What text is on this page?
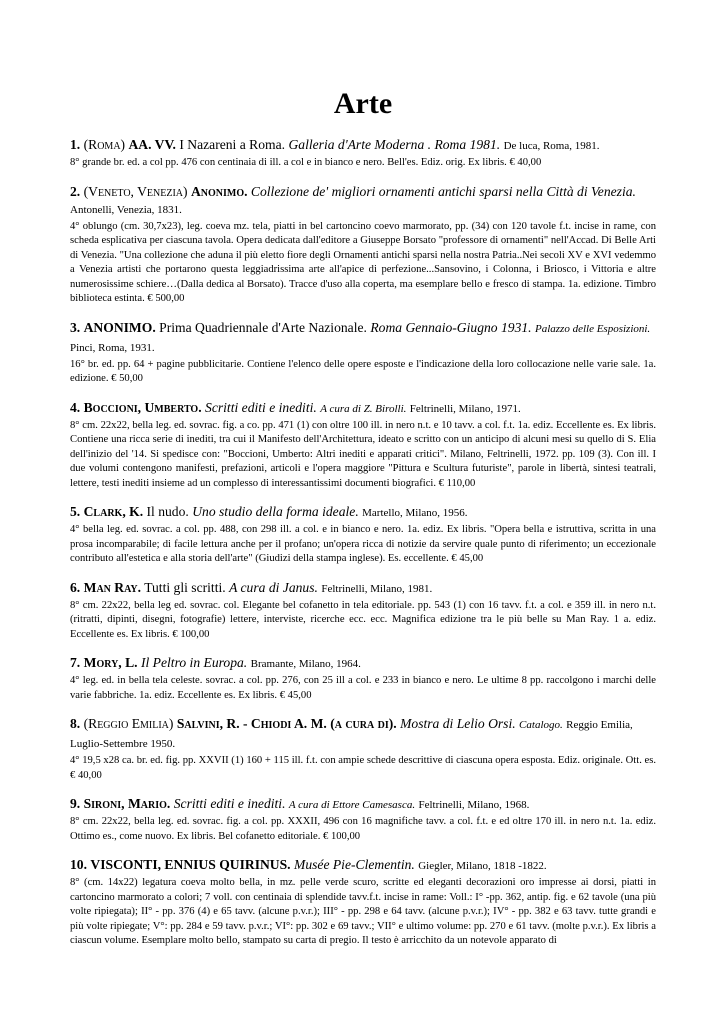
Arte
1. (Roma) AA. VV. I Nazareni a Roma. Galleria d'Arte Moderna . Roma 1981. De luca, Roma, 1981.
8° grande br. ed. a col pp. 476 con centinaia di ill. a col e in bianco e nero. Bell'es. Ediz. orig. Ex libris. € 40,00
2. (Veneto, Venezia) Anonimo. Collezione de' migliori ornamenti antichi sparsi nella Città di Venezia. Antonelli, Venezia, 1831.
4° oblungo (cm. 30,7x23), leg. coeva mz. tela, piatti in bel cartoncino coevo marmorato, pp. (34) con 120 tavole f.t. incise in rame, con scheda esplicativa per ciascuna tavola. Opera dedicata dall'editore a Giuseppe Borsato "professore di ornamenti" nell'Accad. Di Belle Arti di Venezia. "Una collezione che aduna il più eletto fiore degli Ornamenti antichi sparsi nella nostra Patria..Nei secoli XV e XVI vedemmo a Venezia artisti che portarono questa leggiadrissima arte all'apice di perfezione...Sansovino, i Colonna, i Briosco, i Vittoria e altre numerosissime schiere…(Dalla dedica al Borsato). Tracce d'uso alla coperta, ma esemplare bello e fresco di stampa. 1a. edizione. Timbro biblioteca estinta. € 500,00
3. ANONIMO. Prima Quadriennale d'Arte Nazionale. Roma Gennaio-Giugno 1931. Palazzo delle Esposizioni. Pinci, Roma, 1931.
16° br. ed. pp. 64 + pagine pubblicitarie. Contiene l'elenco delle opere esposte e l'indicazione della loro collocazione nelle varie sale. 1a. edizione. € 50,00
4. Boccioni, Umberto. Scritti editi e inediti. A cura di Z. Birolli. Feltrinelli, Milano, 1971.
8° cm. 22x22, bella leg. ed. sovrac. fig. a co. pp. 471 (1) con oltre 100 ill. in nero n.t. e 10 tavv. a col. f.t. 1a. ediz. Eccellente es. Ex libris. Contiene una ricca serie di inediti, tra cui il Manifesto dell'Architettura, ideato e scritto con un anticipo di alcuni mesi su quello di S. Elia dell'inizio del '14. Si spedisce con: "Boccioni, Umberto: Altri inediti e apparati critici". Milano, Feltrinelli, 1972. pp. 109 (3). Con ill. I due volumi contengono manifesti, prefazioni, articoli e l'opera maggiore "Pittura e Scultura futuriste", parole in libertà, sintesi teatrali, lettere, testi inediti insieme ad un complesso di interessantissimi documenti biografici. € 110,00
5. Clark, K. Il nudo. Uno studio della forma ideale. Martello, Milano, 1956.
4° bella leg. ed. sovrac. a col. pp. 488, con 298 ill. a col. e in bianco e nero. 1a. ediz. Ex libris. "Opera bella e istruttiva, scritta in una prosa incomparabile; di facile lettura anche per il profano; un'opera ricca di notizie da servire quale punto di riferimento; un eccezionale contributo all'estetica e alla storia dell'arte" (Giudizi della stampa inglese). Es. eccellente. € 45,00
6. Man Ray. Tutti gli scritti. A cura di Janus. Feltrinelli, Milano, 1981.
8° cm. 22x22, bella leg ed. sovrac. col. Elegante bel cofanetto in tela editoriale. pp. 543 (1) con 16 tavv. f.t. a col. e 359 ill. in nero n.t.(ritratti, dipinti, disegni, fotografie) lettere, interviste, ricerche ecc. ecc. Magnifica edizione tra le più belle su Man Ray. 1 a. ediz. Eccellente es. Ex libris. € 100,00
7. Mory, L. Il Peltro in Europa. Bramante, Milano, 1964.
4° leg. ed. in bella tela celeste. sovrac. a col. pp. 276, con 25 ill a col. e 233 in bianco e nero. Le ultime 8 pp. raccolgono i marchi delle varie fabbriche. 1a. ediz. Eccellente es. Ex libris. € 45,00
8. (Reggio Emilia) Salvini, R. - Chiodi A. M. (a cura di). Mostra di Lelio Orsi. Catalogo. Reggio Emilia, Luglio-Settembre 1950.
4° 19,5 x28 ca. br. ed. fig. pp. XXVII (1) 160 + 115 ill. f.t. con ampie schede descrittive di ciascuna opera esposta. Ediz. originale. Ott. es. € 40,00
9. Sironi, Mario. Scritti editi e inediti. A cura di Ettore Camesasca. Feltrinelli, Milano, 1968.
8° cm. 22x22, bella leg. ed. sovrac. fig. a col. pp. XXXII, 496 con 16 magnifiche tavv. a col. f.t. e ed oltre 170 ill. in nero n.t. 1a. ediz. Ottimo es., come nuovo. Ex libris. Bel cofanetto editoriale. € 100,00
10. VISCONTI, ENNIUS QUIRINUS. Musée Pie-Clementin. Giegler, Milano, 1818 -1822.
8° (cm. 14x22) legatura coeva molto bella, in mz. pelle verde scuro, scritte ed eleganti decorazioni oro impresse ai dorsi, piatti in cartoncino marmorato a colori; 7 voll. con centinaia di splendide tavv.f.t. incise in rame: Voll.: I° -pp. 362, antip. fig. e 62 tavole (una più volte ripiegata); II° - pp. 376 (4) e 65 tavv. (alcune p.v.r.); III° - pp. 298 e 64 tavv. (alcune p.v.r.); IV° - pp. 382 e 63 tavv. tutte grandi e più volte ripiegate; V°: pp. 284 e 59 tavv. p.v.r.; VI°: pp. 302 e 69 tavv.; VII° e ultimo volume: pp. 270 e 61 tavv. (molte p.v.r.). Ex libris a ciascun volume. Esemplare molto bello, stampato su carta di pregio. Il testo è arricchito da un notevole apparato di
